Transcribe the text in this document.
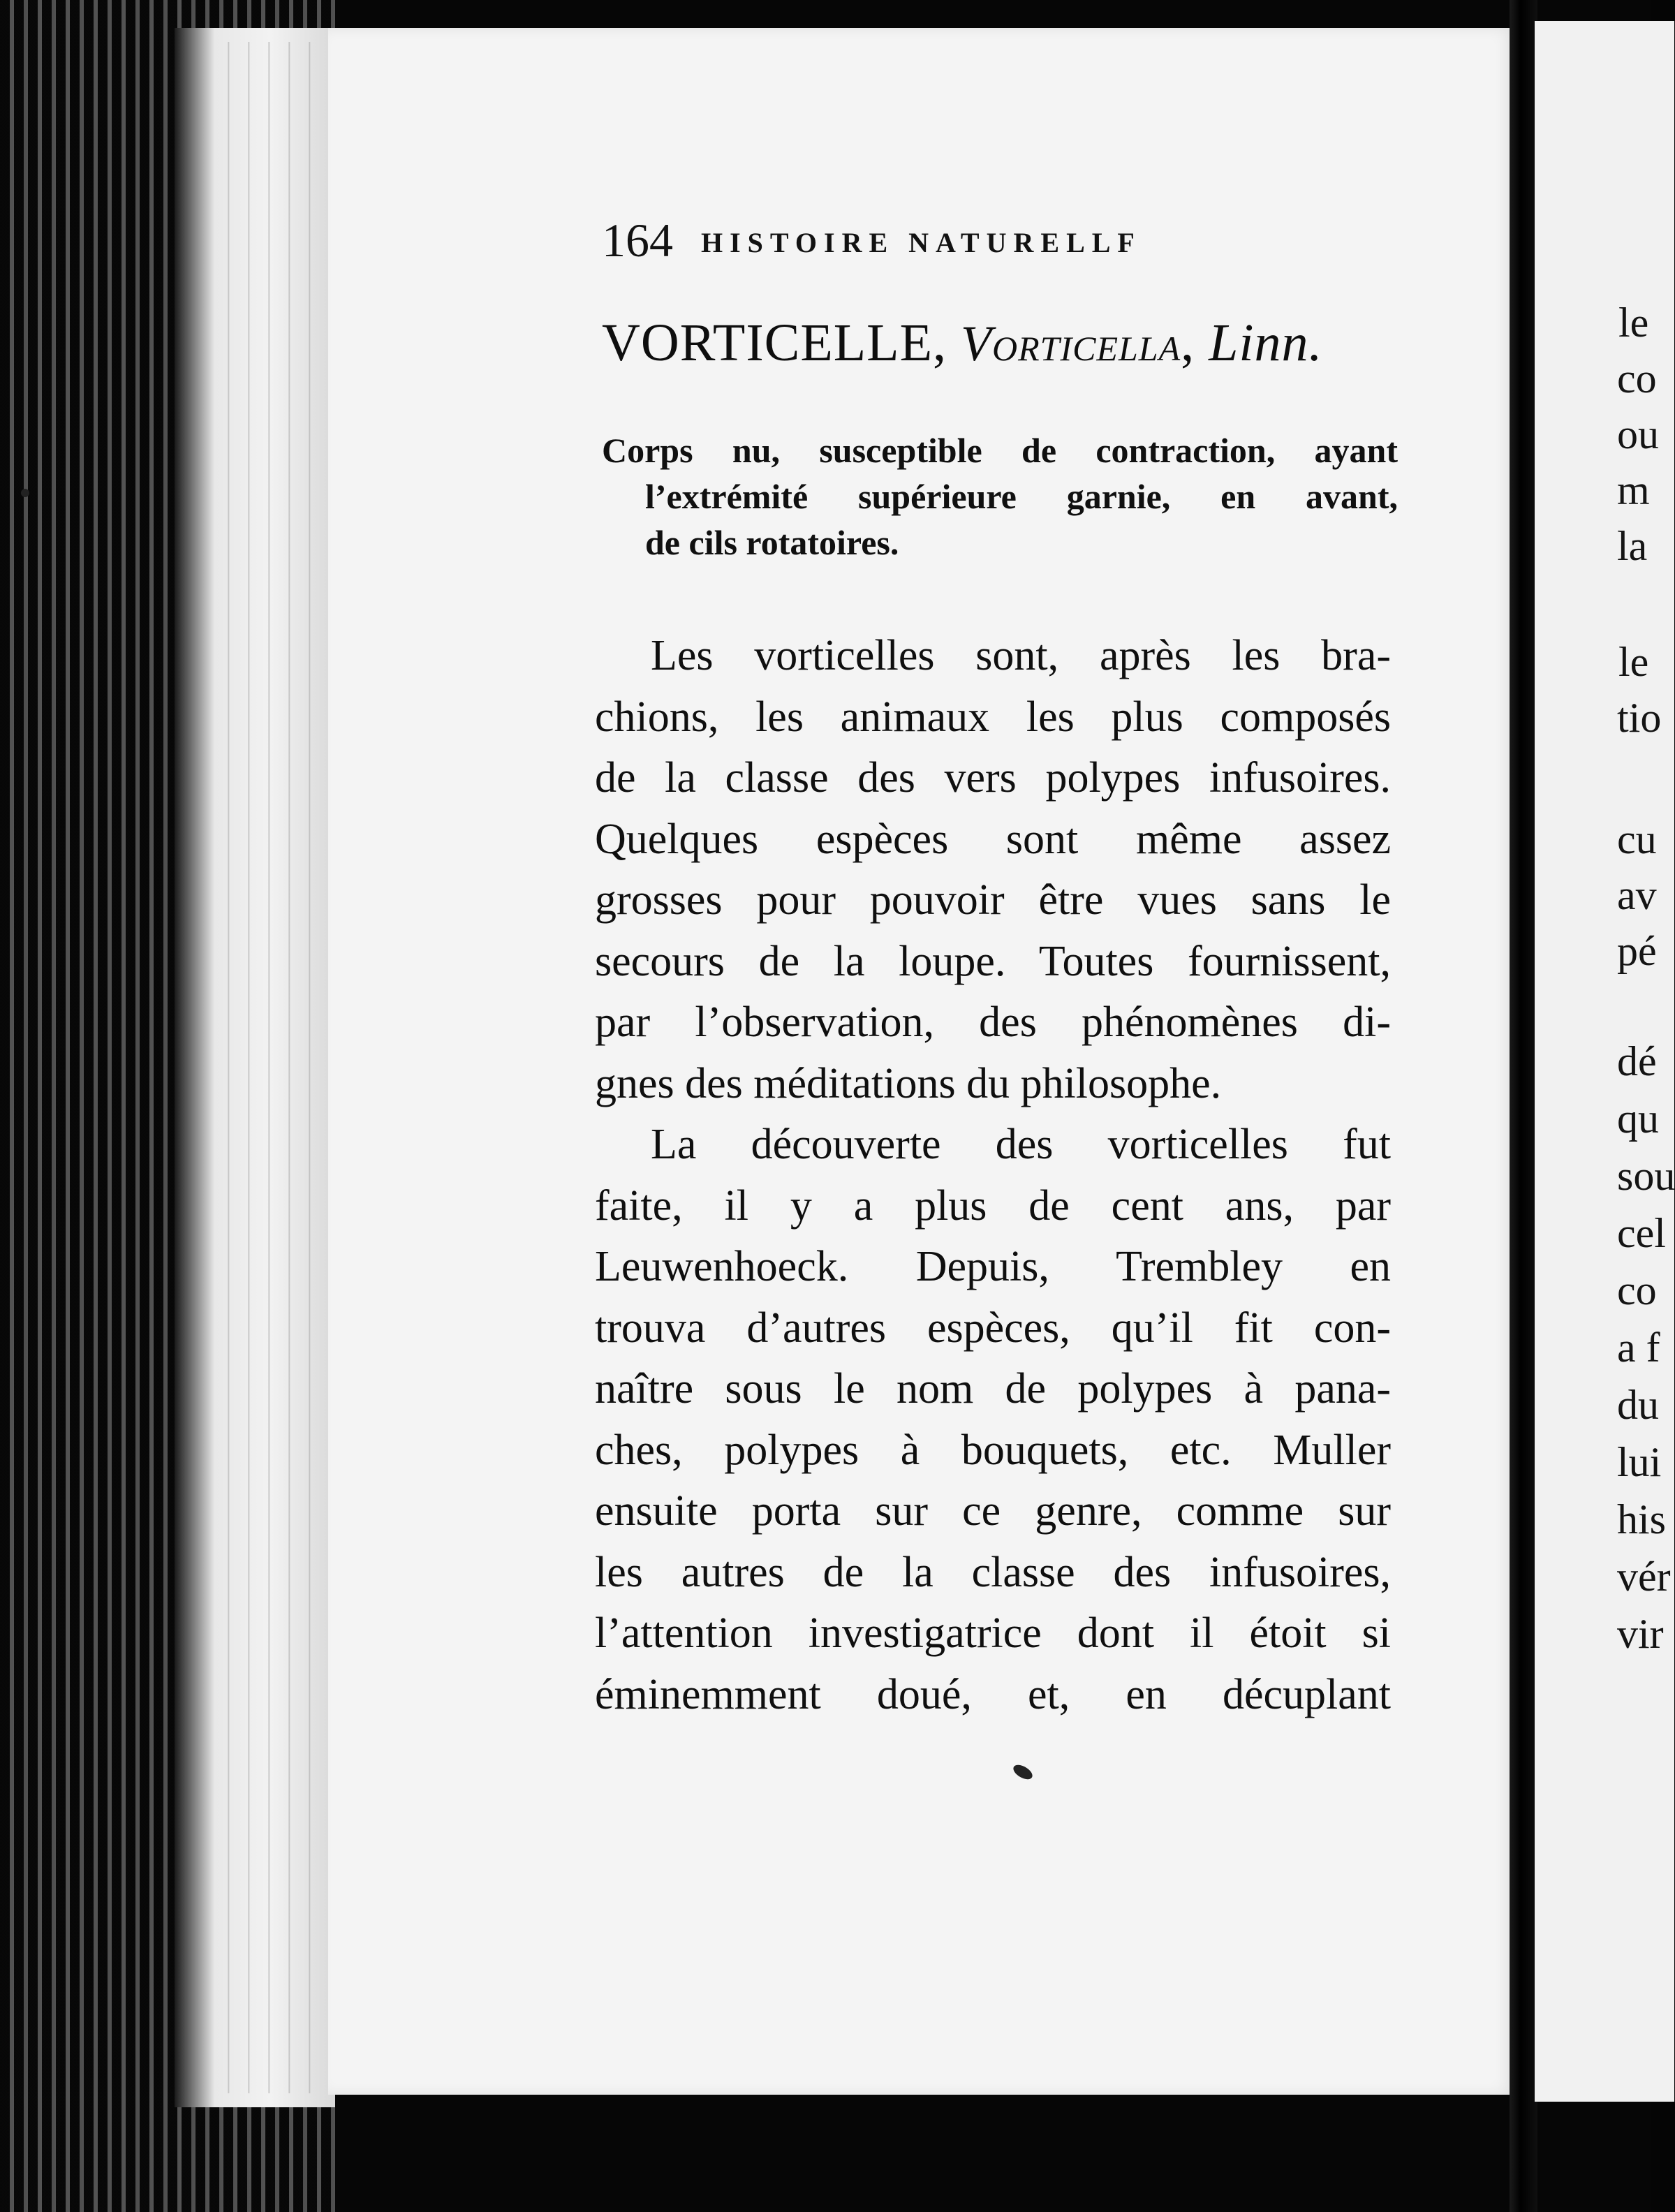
164 HISTOIRE NATURELLF
VORTICELLE, Vorticella, Linn.
Corps nu, susceptible de contraction, ayant
l’extrémité supérieure garnie, en avant,
de cils rotatoires.
Les vorticelles sont, après les bra-
chions, les animaux les plus composés
de la classe des vers polypes infusoires.
Quelques espèces sont même assez
grosses pour pouvoir être vues sans le
secours de la loupe. Toutes fournissent,
par l’observation, des phénomènes di-
gnes des méditations du philosophe.
La découverte des vorticelles fut
faite, il y a plus de cent ans, par
Leuwenhoeck. Depuis, Trembley en
trouva d’autres espèces, qu’il fit con-
naître sous le nom de polypes à pana-
ches, polypes à bouquets, etc. Muller
ensuite porta sur ce genre, comme sur
les autres de la classe des infusoires,
l’attention investigatrice dont il étoit si
éminemment doué, et, en décuplant
le
co
ou
m
la
le
tio
cu
av
pé
dé
qu
sou
cel
co
a f
du
lui
his
vér
vir
